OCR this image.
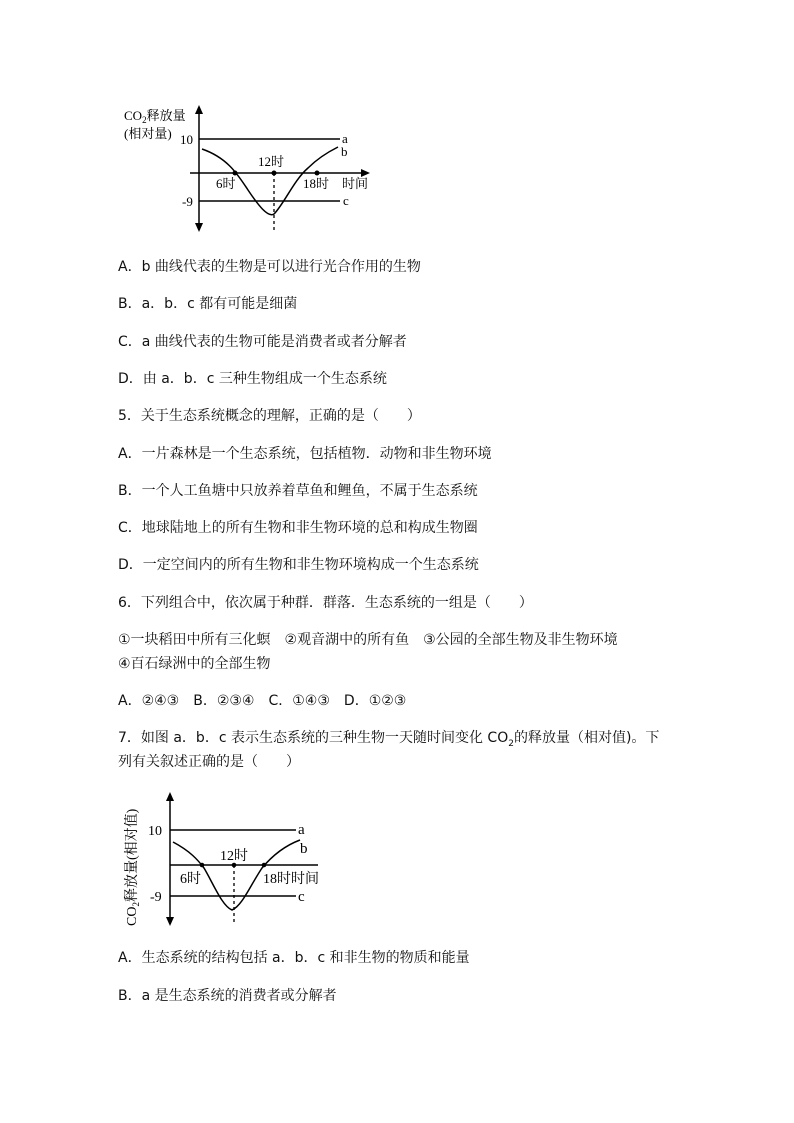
$CO_2$释放量
(相对量) 10
-9
a
b
c
12时
6时	18时 时间
A．b 曲线代表的生物是可以进行光合作用的生物
B．a．b．c 都有可能是细菌
C．a 曲线代表的生物可能是消费者或者分解者
D．由 a．b．c 三种生物组成一个生态系统
5．关于生态系统概念的理解，正确的是（　　）
A．一片森林是一个生态系统，包括植物．动物和非生物环境
B．一个人工鱼塘中只放养着草鱼和鲤鱼，不属于生态系统
C．地球陆地上的所有生物和非生物环境的总和构成生物圈
D．一定空间内的所有生物和非生物环境构成一个生态系统
6．下列组合中，依次属于种群．群落．生态系统的一组是（　　）
①一块稻田中所有三化螟　②观音湖中的所有鱼　③公园的全部生物及非生物环境
④百石绿洲中的全部生物
A．②④③　B．②③④　C．①④③　D．①②③
7．如图 a．b．c 表示生态系统的三种生物一天随时间变化 $CO_2$的释放量（相对值)。下
列有关叙述正确的是（　　）
$CO_2$释放量(相对值) 10
-9
a
b
c
12时
6时	18时时间
A．生态系统的结构包括 a．b．c 和非生物的物质和能量
B．a 是生态系统的消费者或分解者
